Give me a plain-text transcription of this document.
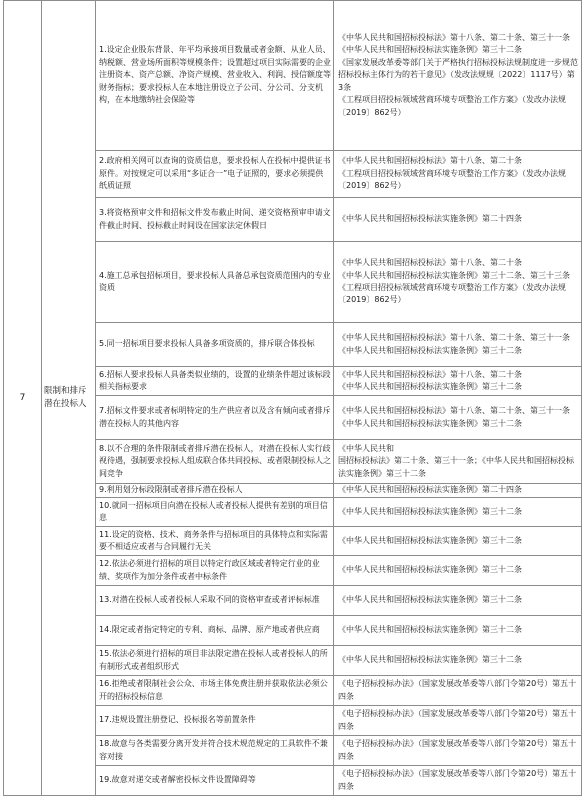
7	限制和排斥潜在投标人	1.设定企业股东背景、年平均承接项目数量或者金额、从业人员、纳税额、营业场所面积等规模条件；设置超过项目实际需要的企业注册资本、资产总额、净资产规模、营业收入、利润、授信额度等财务指标；要求投标人在本地注册设立子公司、分公司、分支机构，在本地缴纳社会保险等	《中华人民共和国招标投标法》第十八条、第二十条、第三十一条
《中华人民共和国招标投标法实施条例》第三十二条
《国家发展改革委等部门关于严格执行招标投标法规制度进一步规范招标投标主体行为的若干意见》（发改法规规〔2022〕1117号）第3条
《工程项目招投标领域营商环境专项整治工作方案》（发改办法规〔2019〕862号）
		2.政府相关网可以查询的资质信息，要求投标人在投标中提供证书原件。对按规定可以采用“多证合一”电子证照的，要求必须提供纸质证照	《中华人民共和国招标投标法》第十八条、第二十条
《工程项目招投标领域营商环境专项整治工作方案》（发改办法规〔2019〕862号）
		3.将资格预审文件和招标文件发布截止时间、递交资格预审申请文件截止时间、投标截止时间设在国家法定休假日	《中华人民共和国招标投标法实施条例》第二十四条
		4.施工总承包招标项目，要求投标人具备总承包资质范围内的专业资质	《中华人民共和国招标投标法》第十八条、第二十条
《中华人民共和国招标投标法实施条例》第三十二条、第三十三条
《工程项目招投标领域营商环境专项整治工作方案》（发改办法规〔2019〕862号）
		5.同一招标项目要求投标人具备多项资质的，排斥联合体投标	《中华人民共和国招标投标法》第十八条、第二十条、第三十一条
《中华人民共和国招标投标法实施条例》第三十二条
		6.招标人要求投标人具备类似业绩的，设置的业绩条件超过该标段相关指标要求	《中华人民共和国招标投标法》第十八条、第二十条
《中华人民共和国招标投标法实施条例》第三十二条
		7.招标文件要求或者标明特定的生产供应者以及含有倾向或者排斥潜在投标人的其他内容	《中华人民共和国招标投标法》第十八条、第二十条、第三十一条
《中华人民共和国招标投标法实施条例》第三十二条
		8.以不合理的条件限制或者排斥潜在投标人，对潜在投标人实行歧视待遇，强制要求投标人组成联合体共同投标、或者限制投标人之间竞争	《中华人民共和
国招标投标法》第二十条、第三十一条；《中华人民共和国招标投标法实施条例》第三十二条
		9.利用划分标段限制或者排斥潜在投标人	《中华人民共和国招标投标法实施条例》第二十四条
		10.就同一招标项目向潜在投标人或者投标人提供有差别的项目信息	《中华人民共和国招标投标法实施条例》第三十二条
		11.设定的资格、技术、商务条件与招标项目的具体特点和实际需要不相适应或者与合同履行无关	《中华人民共和国招标投标法实施条例》第三十二条
		12.依法必须进行招标的项目以特定行政区域或者特定行业的业绩、奖项作为加分条件或者中标条件	《中华人民共和国招标投标法实施条例》第三十二条
		13.对潜在投标人或者投标人采取不同的资格审查或者评标标准	《中华人民共和国招标投标法实施条例》第三十二条
		14.限定或者指定特定的专利、商标、品牌、原产地或者供应商	《中华人民共和国招标投标法实施条例》第三十二条
		15.依法必须进行招标的项目非法限定潜在投标人或者投标人的所有制形式或者组织形式	《中华人民共和国招标投标法实施条例》第三十二条
		16.拒绝或者限制社会公众、市场主体免费注册并获取依法必须公开的招标投标信息	《电子招标投标办法》（国家发展改革委等八部门令第20号）第五十四条
		17.违规设置注册登记、投标报名等前置条件	《电子招标投标办法》（国家发展改革委等八部门令第20号）第五十四条
		18.故意与各类需要分离开发并符合技术规范规定的工具软件不兼容对接	《电子招标投标办法》（国家发展改革委等八部门令第20号）第五十四条
		19.故意对递交或者解密投标文件设置障碍等	《电子招标投标办法》（国家发展改革委等八部门令第20号）第五十四条
